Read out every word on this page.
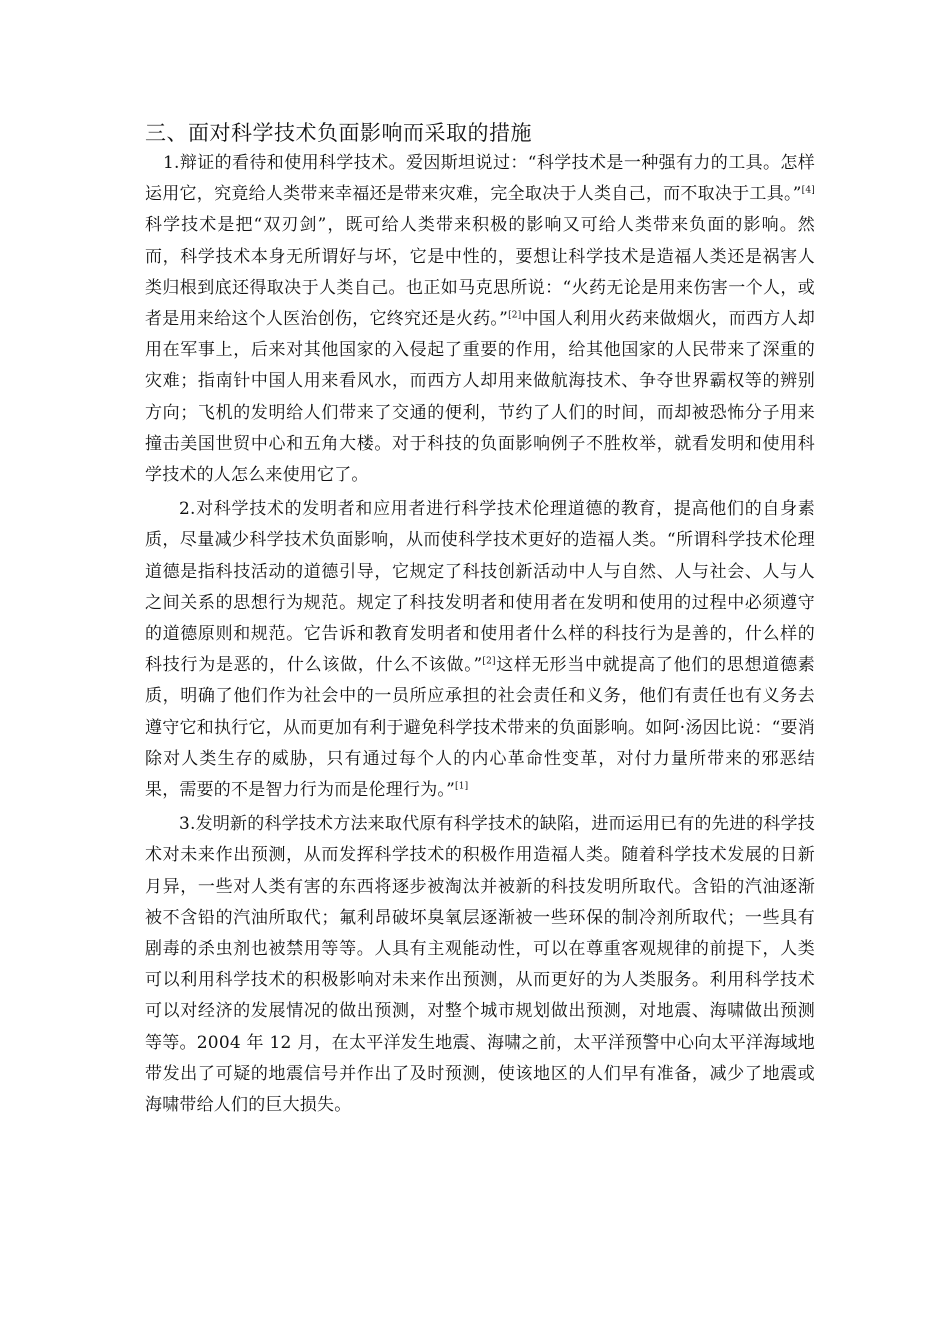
三、面对科学技术负面影响而采取的措施

1.辩证的看待和使用科学技术。爱因斯坦说过：“科学技术是一种强有力的工具。怎样运用它，究竟给人类带来幸福还是带来灾难，完全取决于人类自己，而不取决于工具。”[4]科学技术是把“双刃剑”，既可给人类带来积极的影响又可给人类带来负面的影响。然而，科学技术本身无所谓好与坏，它是中性的，要想让科学技术是造福人类还是祸害人类归根到底还得取决于人类自己。也正如马克思所说：“火药无论是用来伤害一个人，或者是用来给这个人医治创伤，它终究还是火药。”[2]中国人利用火药来做烟火，而西方人却用在军事上，后来对其他国家的入侵起了重要的作用，给其他国家的人民带来了深重的灾难；指南针中国人用来看风水，而西方人却用来做航海技术、争夺世界霸权等的辨别方向；飞机的发明给人们带来了交通的便利，节约了人们的时间，而却被恐怖分子用来撞击美国世贸中心和五角大楼。对于科技的负面影响例子不胜枚举，就看发明和使用科学技术的人怎么来使用它了。

2.对科学技术的发明者和应用者进行科学技术伦理道德的教育，提高他们的自身素质，尽量减少科学技术负面影响，从而使科学技术更好的造福人类。“所谓科学技术伦理道德是指科技活动的道德引导，它规定了科技创新活动中人与自然、人与社会、人与人之间关系的思想行为规范。规定了科技发明者和使用者在发明和使用的过程中必须遵守的道德原则和规范。它告诉和教育发明者和使用者什么样的科技行为是善的，什么样的科技行为是恶的，什么该做，什么不该做。”[2]这样无形当中就提高了他们的思想道德素质，明确了他们作为社会中的一员所应承担的社会责任和义务，他们有责任也有义务去遵守它和执行它，从而更加有利于避免科学技术带来的负面影响。如阿·汤因比说：“要消除对人类生存的威胁，只有通过每个人的内心革命性变革，对付力量所带来的邪恶结果，需要的不是智力行为而是伦理行为。”[1]

3.发明新的科学技术方法来取代原有科学技术的缺陷，进而运用已有的先进的科学技术对未来作出预测，从而发挥科学技术的积极作用造福人类。随着科学技术发展的日新月异，一些对人类有害的东西将逐步被淘汰并被新的科技发明所取代。含铅的汽油逐渐被不含铅的汽油所取代；氟利昂破坏臭氧层逐渐被一些环保的制冷剂所取代；一些具有剧毒的杀虫剂也被禁用等等。人具有主观能动性，可以在尊重客观规律的前提下，人类可以利用科学技术的积极影响对未来作出预测，从而更好的为人类服务。利用科学技术可以对经济的发展情况的做出预测，对整个城市规划做出预测，对地震、海啸做出预测等等。2004 年 12 月，在太平洋发生地震、海啸之前，太平洋预警中心向太平洋海域地带发出了可疑的地震信号并作出了及时预测，使该地区的人们早有准备，减少了地震或海啸带给人们的巨大损失。
